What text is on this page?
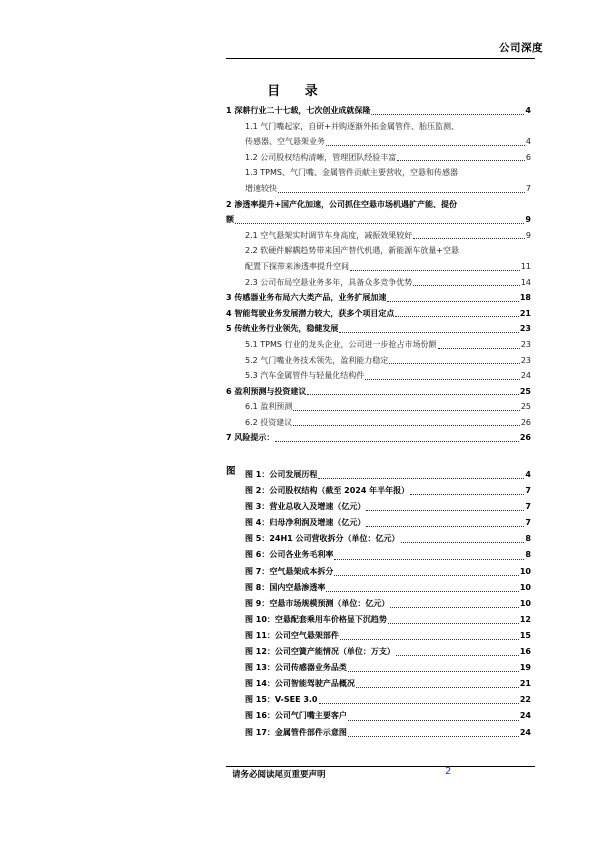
公司深度
目 录
1 深耕行业二十七载，七次创业成就保隆	4
1.1 气门嘴起家，自研+并购逐渐外拓金属管件、胎压监测、
传感器、空气悬架业务	4
1.2 公司股权结构清晰，管理团队经验丰富	6
1.3 TPMS、气门嘴、金属管件贡献主要营收，空悬和传感器
增速较快	7
2 渗透率提升+国产化加速，公司抓住空悬市场机遇扩产能、提份
额	9
2.1 空气悬架实时调节车身高度，减振效果较好	9
2.2 软硬件解耦趋势带来国产替代机遇，新能源车放量+空悬
配置下探带来渗透率提升空间	11
2.3 公司布局空悬业务多年，具备众多竞争优势	14
3 传感器业务布局六大类产品，业务扩展加速	18
4 智能驾驶业务发展潜力较大，获多个项目定点	21
5 传统业务行业领先，稳健发展	23
5.1 TPMS 行业的龙头企业，公司进一步抢占市场份额	23
5.2 气门嘴业务技术领先，盈利能力稳定	23
5.3 汽车金属管件与轻量化结构件	24
6 盈利预测与投资建议	25
6.1 盈利预测	25
6.2 投资建议	26
7 风险提示：	26
图 图 1：公司发展历程	4
图 2：公司股权结构（截至 2024 年半年报）	7
图 3：营业总收入及增速（亿元）	7
图 4：归母净利润及增速（亿元）	7
图 5：24H1 公司营收拆分（单位：亿元）	8
图 6：公司各业务毛利率	8
图 7：空气悬架成本拆分	10
图 8：国内空悬渗透率	10
图 9：空悬市场规模预测（单位：亿元）	10
图 10：空悬配套乘用车价格显下沉趋势	12
图 11：公司空气悬架部件	15
图 12：公司空簧产能情况（单位：万支）	16
图 13：公司传感器业务品类	19
图 14：公司智能驾驶产品概况	21
图 15：V-SEE 3.0	22
图 16：公司气门嘴主要客户	24
图 17：金属管件部件示意图	24
请务必阅读尾页重要声明	2
